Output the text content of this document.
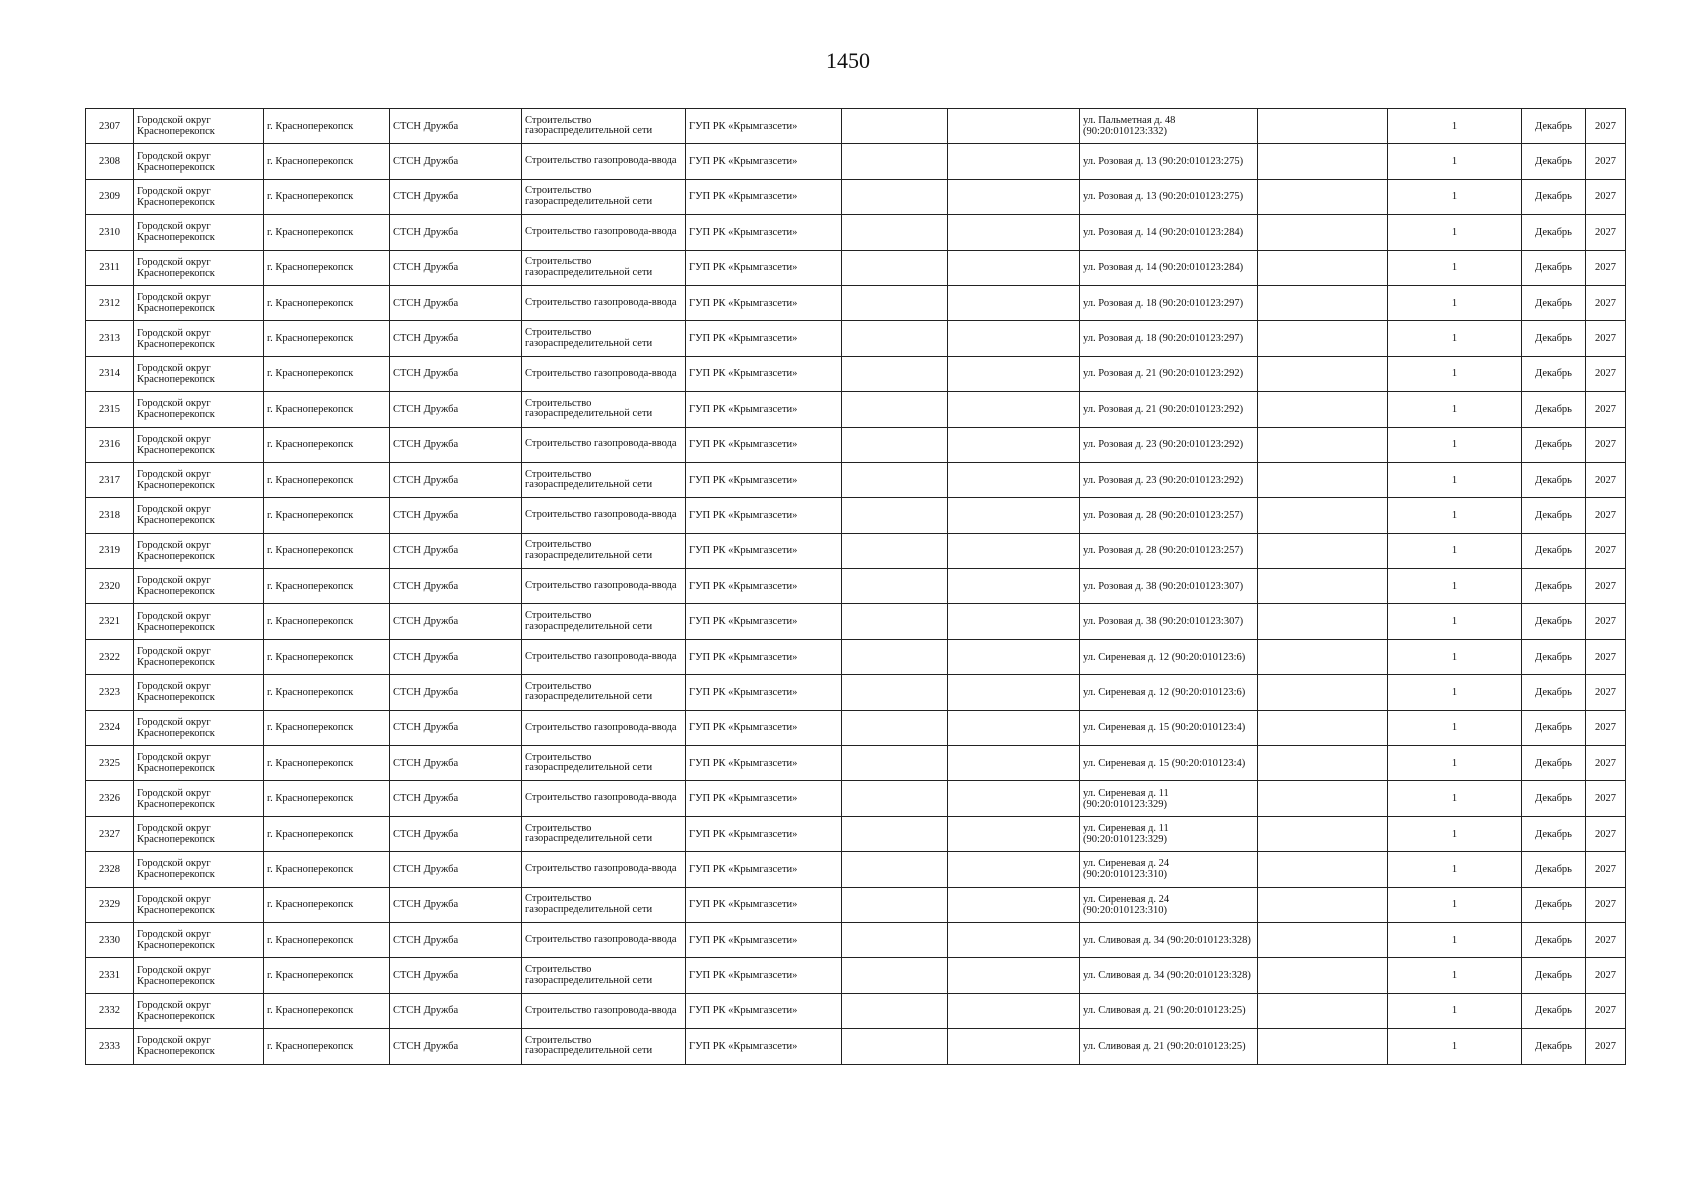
1450
2307	Городской округ Красноперекопск	г. Красноперекопск	СТСН Дружба	Строительство газораспределительной сети	ГУП РК «Крымгазсети»			ул. Пальметная д. 48 (90:20:010123:332)		1	Декабрь	2027
2308	Городской округ Красноперекопск	г. Красноперекопск	СТСН Дружба	Строительство газопровода-ввода	ГУП РК «Крымгазсети»			ул. Розовая д. 13 (90:20:010123:275)		1	Декабрь	2027
2309	Городской округ Красноперекопск	г. Красноперекопск	СТСН Дружба	Строительство газораспределительной сети	ГУП РК «Крымгазсети»			ул. Розовая д. 13 (90:20:010123:275)		1	Декабрь	2027
2310	Городской округ Красноперекопск	г. Красноперекопск	СТСН Дружба	Строительство газопровода-ввода	ГУП РК «Крымгазсети»			ул. Розовая д. 14 (90:20:010123:284)		1	Декабрь	2027
2311	Городской округ Красноперекопск	г. Красноперекопск	СТСН Дружба	Строительство газораспределительной сети	ГУП РК «Крымгазсети»			ул. Розовая д. 14 (90:20:010123:284)		1	Декабрь	2027
2312	Городской округ Красноперекопск	г. Красноперекопск	СТСН Дружба	Строительство газопровода-ввода	ГУП РК «Крымгазсети»			ул. Розовая д. 18 (90:20:010123:297)		1	Декабрь	2027
2313	Городской округ Красноперекопск	г. Красноперекопск	СТСН Дружба	Строительство газораспределительной сети	ГУП РК «Крымгазсети»			ул. Розовая д. 18 (90:20:010123:297)		1	Декабрь	2027
2314	Городской округ Красноперекопск	г. Красноперекопск	СТСН Дружба	Строительство газопровода-ввода	ГУП РК «Крымгазсети»			ул. Розовая д. 21 (90:20:010123:292)		1	Декабрь	2027
2315	Городской округ Красноперекопск	г. Красноперекопск	СТСН Дружба	Строительство газораспределительной сети	ГУП РК «Крымгазсети»			ул. Розовая д. 21 (90:20:010123:292)		1	Декабрь	2027
2316	Городской округ Красноперекопск	г. Красноперекопск	СТСН Дружба	Строительство газопровода-ввода	ГУП РК «Крымгазсети»			ул. Розовая д. 23 (90:20:010123:292)		1	Декабрь	2027
2317	Городской округ Красноперекопск	г. Красноперекопск	СТСН Дружба	Строительство газораспределительной сети	ГУП РК «Крымгазсети»			ул. Розовая д. 23 (90:20:010123:292)		1	Декабрь	2027
2318	Городской округ Красноперекопск	г. Красноперекопск	СТСН Дружба	Строительство газопровода-ввода	ГУП РК «Крымгазсети»			ул. Розовая д. 28 (90:20:010123:257)		1	Декабрь	2027
2319	Городской округ Красноперекопск	г. Красноперекопск	СТСН Дружба	Строительство газораспределительной сети	ГУП РК «Крымгазсети»			ул. Розовая д. 28 (90:20:010123:257)		1	Декабрь	2027
2320	Городской округ Красноперекопск	г. Красноперекопск	СТСН Дружба	Строительство газопровода-ввода	ГУП РК «Крымгазсети»			ул. Розовая д. 38 (90:20:010123:307)		1	Декабрь	2027
2321	Городской округ Красноперекопск	г. Красноперекопск	СТСН Дружба	Строительство газораспределительной сети	ГУП РК «Крымгазсети»			ул. Розовая д. 38 (90:20:010123:307)		1	Декабрь	2027
2322	Городской округ Красноперекопск	г. Красноперекопск	СТСН Дружба	Строительство газопровода-ввода	ГУП РК «Крымгазсети»			ул. Сиреневая д. 12 (90:20:010123:6)		1	Декабрь	2027
2323	Городской округ Красноперекопск	г. Красноперекопск	СТСН Дружба	Строительство газораспределительной сети	ГУП РК «Крымгазсети»			ул. Сиреневая д. 12 (90:20:010123:6)		1	Декабрь	2027
2324	Городской округ Красноперекопск	г. Красноперекопск	СТСН Дружба	Строительство газопровода-ввода	ГУП РК «Крымгазсети»			ул. Сиреневая д. 15 (90:20:010123:4)		1	Декабрь	2027
2325	Городской округ Красноперекопск	г. Красноперекопск	СТСН Дружба	Строительство газораспределительной сети	ГУП РК «Крымгазсети»			ул. Сиреневая д. 15 (90:20:010123:4)		1	Декабрь	2027
2326	Городской округ Красноперекопск	г. Красноперекопск	СТСН Дружба	Строительство газопровода-ввода	ГУП РК «Крымгазсети»			ул. Сиреневая д. 11 (90:20:010123:329)		1	Декабрь	2027
2327	Городской округ Красноперекопск	г. Красноперекопск	СТСН Дружба	Строительство газораспределительной сети	ГУП РК «Крымгазсети»			ул. Сиреневая д. 11 (90:20:010123:329)		1	Декабрь	2027
2328	Городской округ Красноперекопск	г. Красноперекопск	СТСН Дружба	Строительство газопровода-ввода	ГУП РК «Крымгазсети»			ул. Сиреневая д. 24 (90:20:010123:310)		1	Декабрь	2027
2329	Городской округ Красноперекопск	г. Красноперекопск	СТСН Дружба	Строительство газораспределительной сети	ГУП РК «Крымгазсети»			ул. Сиреневая д. 24 (90:20:010123:310)		1	Декабрь	2027
2330	Городской округ Красноперекопск	г. Красноперекопск	СТСН Дружба	Строительство газопровода-ввода	ГУП РК «Крымгазсети»			ул. Сливовая д. 34 (90:20:010123:328)		1	Декабрь	2027
2331	Городской округ Красноперекопск	г. Красноперекопск	СТСН Дружба	Строительство газораспределительной сети	ГУП РК «Крымгазсети»			ул. Сливовая д. 34 (90:20:010123:328)		1	Декабрь	2027
2332	Городской округ Красноперекопск	г. Красноперекопск	СТСН Дружба	Строительство газопровода-ввода	ГУП РК «Крымгазсети»			ул. Сливовая д. 21 (90:20:010123:25)		1	Декабрь	2027
2333	Городской округ Красноперекопск	г. Красноперекопск	СТСН Дружба	Строительство газораспределительной сети	ГУП РК «Крымгазсети»			ул. Сливовая д. 21 (90:20:010123:25)		1	Декабрь	2027
